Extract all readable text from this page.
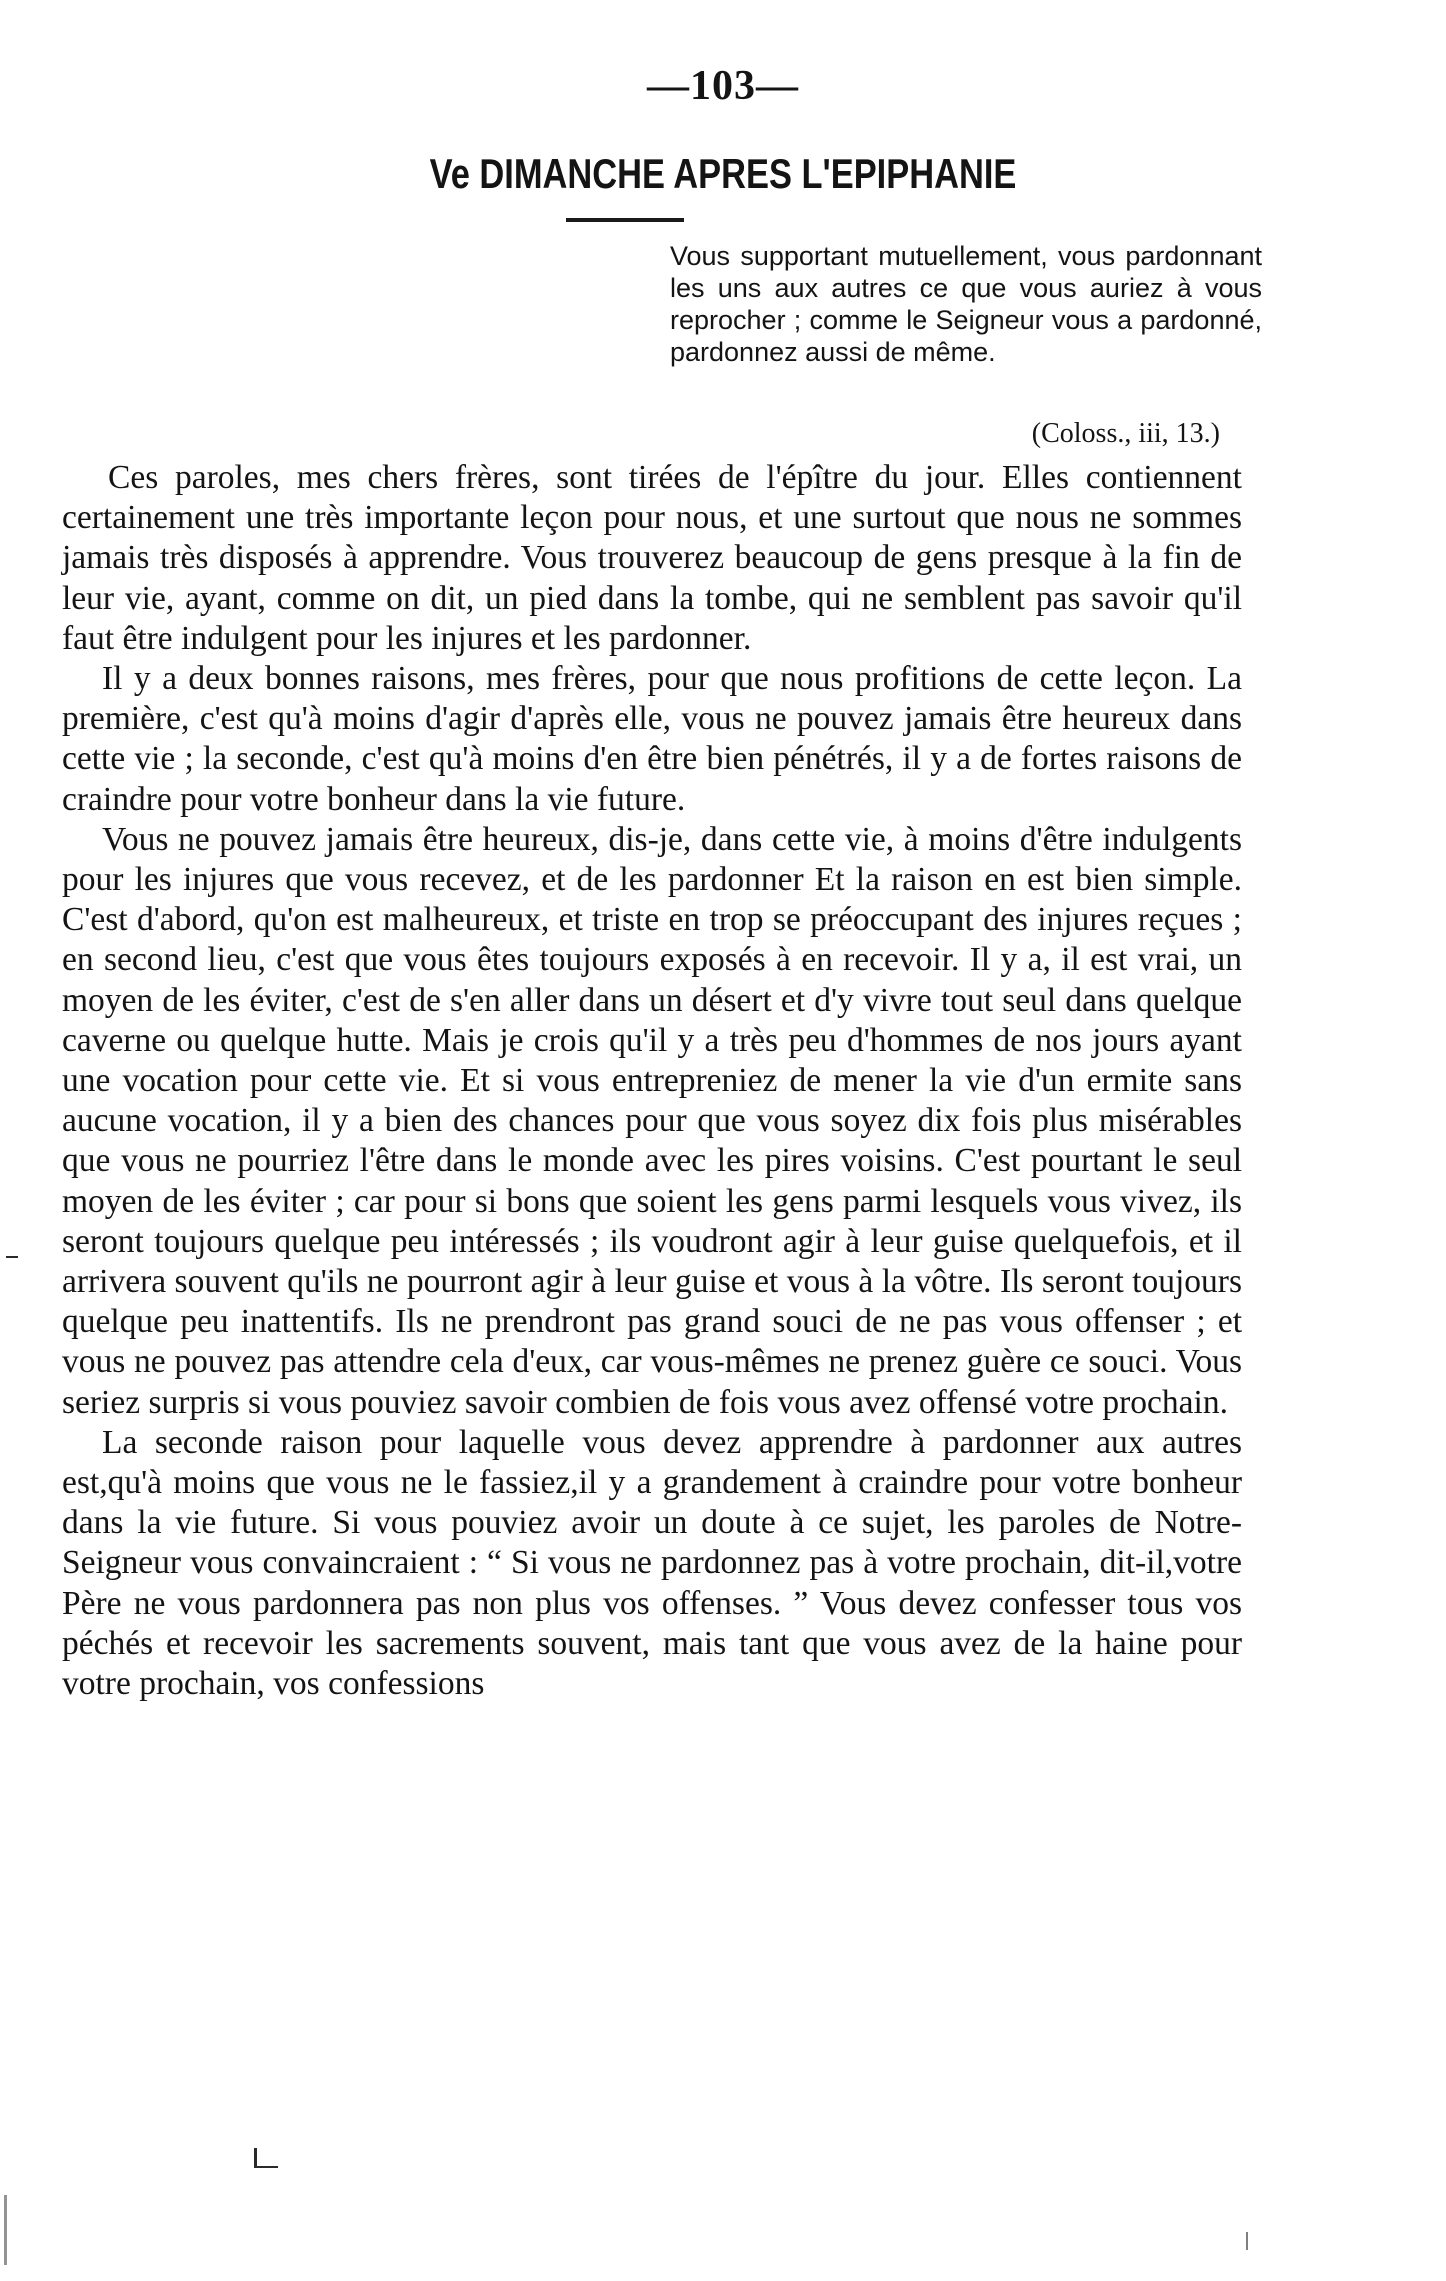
—103—
Ve DIMANCHE APRES L'EPIPHANIE
Vous supportant mutuellement, vous pardonnant les uns aux autres ce que vous auriez à vous reprocher ; comme le Seigneur vous a pardonné, pardonnez aussi de même.
(Coloss., iii, 13.)

Ces paroles, mes chers frères, sont tirées de l'épître du jour. Elles contiennent certainement une très importante leçon pour nous, et une surtout que nous ne sommes jamais très disposés à apprendre. Vous trouverez beaucoup de gens presque à la fin de leur vie, ayant, comme on dit, un pied dans la tombe, qui ne semblent pas savoir qu'il faut être indulgent pour les injures et les pardonner.

Il y a deux bonnes raisons, mes frères, pour que nous profitions de cette leçon. La première, c'est qu'à moins d'agir d'après elle, vous ne pouvez jamais être heureux dans cette vie ; la seconde, c'est qu'à moins d'en être bien pénétrés, il y a de fortes raisons de craindre pour votre bonheur dans la vie future.

Vous ne pouvez jamais être heureux, dis-je, dans cette vie, à moins d'être indulgents pour les injures que vous recevez, et de les pardonner Et la raison en est bien simple. C'est d'abord, qu'on est malheureux, et triste en trop se préoccupant des injures reçues ; en second lieu, c'est que vous êtes toujours exposés à en recevoir. Il y a, il est vrai, un moyen de les éviter, c'est de s'en aller dans un désert et d'y vivre tout seul dans quelque caverne ou quelque hutte. Mais je crois qu'il y a très peu d'hommes de nos jours ayant une vocation pour cette vie. Et si vous entrepreniez de mener la vie d'un ermite sans aucune vocation, il y a bien des chances pour que vous soyez dix fois plus misérables que vous ne pourriez l'être dans le monde avec les pires voisins. C'est pourtant le seul moyen de les éviter ; car pour si bons que soient les gens parmi lesquels vous vivez, ils seront toujours quelque peu intéressés ; ils voudront agir à leur guise quelquefois, et il arrivera souvent qu'ils ne pourront agir à leur guise et vous à la vôtre. Ils seront toujours quelque peu inattentifs. Ils ne prendront pas grand souci de ne pas vous offenser ; et vous ne pouvez pas attendre cela d'eux, car vous-mêmes ne prenez guère ce souci. Vous seriez surpris si vous pouviez savoir combien de fois vous avez offensé votre prochain.

La seconde raison pour laquelle vous devez apprendre à pardonner aux autres est,qu'à moins que vous ne le fassiez,il y a grandement à craindre pour votre bonheur dans la vie future. Si vous pouviez avoir un doute à ce sujet, les paroles de Notre-Seigneur vous convaincraient : “ Si vous ne pardonnez pas à votre prochain, dit-il,votre Père ne vous pardonnera pas non plus vos offenses. ” Vous devez confesser tous vos péchés et recevoir les sacrements souvent, mais tant que vous avez de la haine pour votre prochain, vos confessions
